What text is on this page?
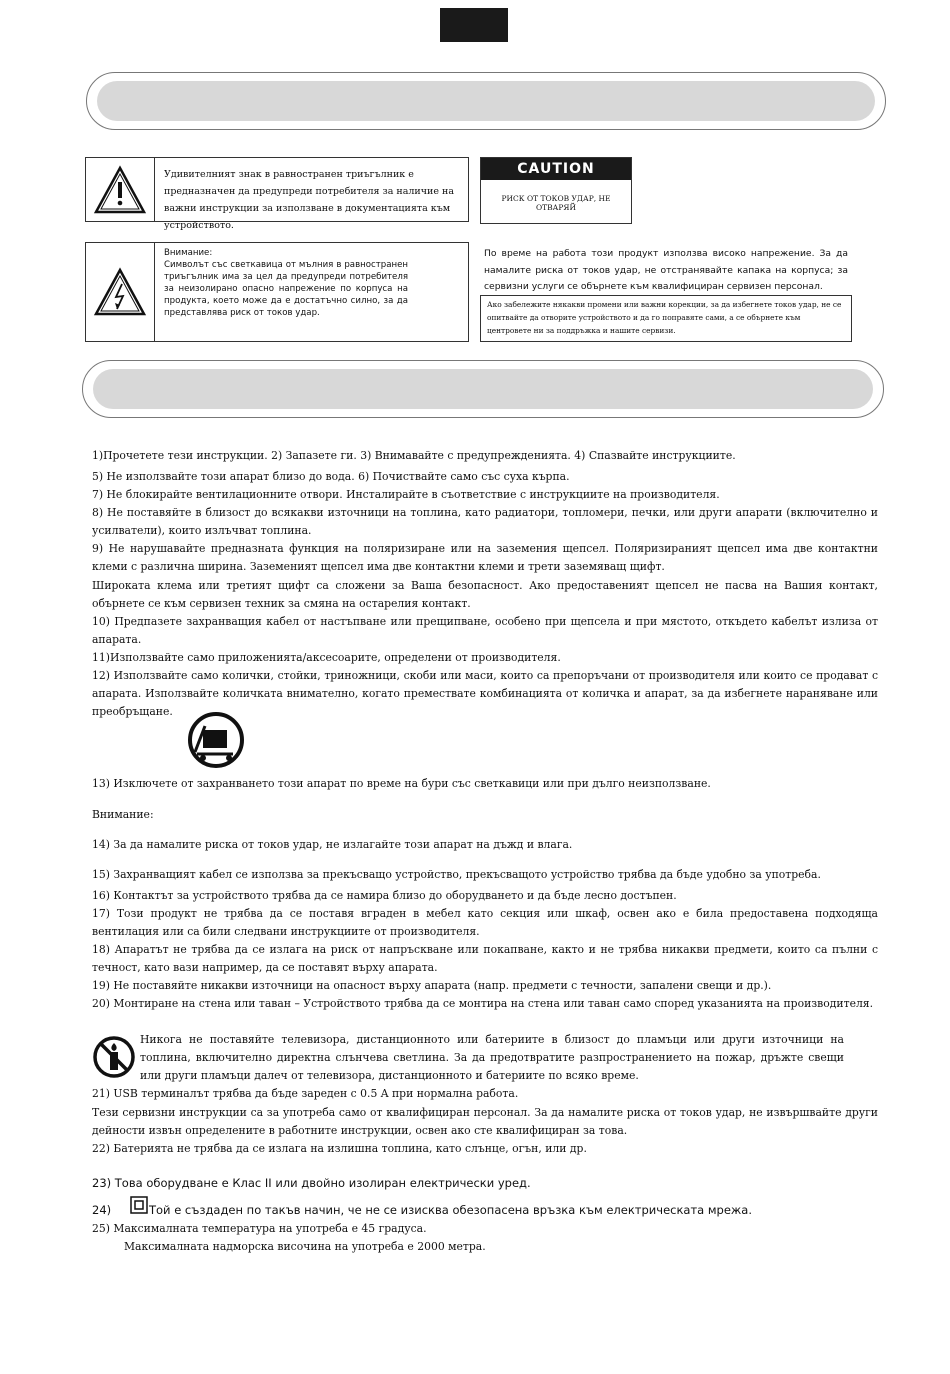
Удивителният знак в равностранен триъгълник е предназначен да предупреди потребителя за наличие на важни инструкции за използване в документацията към устройството.
CAUTION
РИСК ОТ ТОКОВ УДАР, НЕ ОТВАРЯЙ
Внимание:
Символът със светкавица от мълния в равностранен триъгълник има за цел да предупреди потребителя за неизолирано опасно напрежение по корпуса на продукта, което може да е достатъчно силно, за да представлява риск от токов удар.
По време на работа този продукт използва високо напрежение. За да намалите риска от токов удар, не отстранявайте капака на корпуса; за сервизни услуги се обърнете към квалифициран сервизен персонал.
Ако забележите някакви промени или важни корекции, за да избегнете токов удар, не се опитвайте да отворите устройството и да го поправяте сами, а се обърнете към центровете ни за поддръжка и нашите сервизи.
1)Прочетете тези инструкции. 2) Запазете ги. 3) Внимавайте с предупрежденията. 4) Спазвайте инструкциите.
5) Не използвайте този апарат близо до вода. 6) Почиствайте само със суха кърпа.
7) Не блокирайте вентилационните отвори. Инсталирайте в съответствие с инструкциите на производителя.
8) Не поставяйте в близост до всякакви източници на топлина, като радиатори, топломери, печки, или други апарати (включително и усилватели), които излъчват топлина.
9) Не нарушавайте предназната функция на поляризиране или на заземения щепсел. Поляризираният щепсел има две контактни клеми с различна ширина. Заземеният щепсел има две контактни клеми и трети заземяващ щифт.
Широката клема или третият щифт са сложени за Ваша безопасност. Ако предоставеният щепсел не пасва на Вашия контакт, обърнете се към сервизен техник за смяна на остарелия контакт.
10) Предпазете захранващия кабел от настъпване или прещипване, особено при щепсела и при мястото, откъдето кабелът излиза от апарата.
11)Използвайте само приложенията/аксесоарите, определени от производителя.
12) Използвайте само колички, стойки, триножници, скоби или маси, които са препоръчани от производителя или които се продават с апарата. Използвайте количката внимателно, когато премествате комбинацията от количка и апарат, за да избегнете нараняване или преобръщане.
13) Изключете от захранването този апарат по време на бури със светкавици или при дълго неизползване.
Внимание:
14) За да намалите риска от токов удар, не излагайте този апарат на дъжд и влага.
15) Захранващият кабел се използва за прекъсващо устройство, прекъсващото устройство трябва да бъде удобно за употреба.
16) Контактът за устройството трябва да се намира близо до оборудването и да бъде лесно достъпен.
17) Този продукт не трябва да се поставя вграден в мебел като секция или шкаф, освен ако е била предоставена подходяща вентилация или са били следвани инструкциите от производителя.
18) Апаратът не трябва да се излага на риск от напръскване или покапване, както и не трябва никакви предмети, които са пълни с течност, като вази например, да се поставят върху апарата.
19) Не поставяйте никакви източници на опасност върху апарата (напр. предмети с течности, запалени свещи и др.).
20) Монтиране на стена или таван – Устройството трябва да се монтира на стена или таван само според указанията на производителя.
Никога не поставяйте телевизора, дистанционното или батериите в близост до пламъци или други източници на топлина, включително директна слънчева светлина. За да предотвратите разпространението на пожар, дръжте свещи или други пламъци далеч от телевизора, дистанционното и батериите по всяко време.
21) USB терминалът трябва да бъде зареден с 0.5 A при нормална работа.
Тези сервизни инструкции са за употреба само от квалифициран персонал. За да намалите риска от токов удар, не извършвайте други дейности извън определените в работните инструкции, освен ако сте квалифициран за това.
22) Батерията не трябва да се излага на излишна топлина, като слънце, огън, или др.
23) Това оборудване е Клас II или двойно изолиран електрически уред.
24)	Той е създаден по такъв начин, че не се изисква обезопасена връзка към електрическата мрежа.
25) Максималната температура на употреба е 45 градуса.
Максималната надморска височина на употреба е 2000 метра.
